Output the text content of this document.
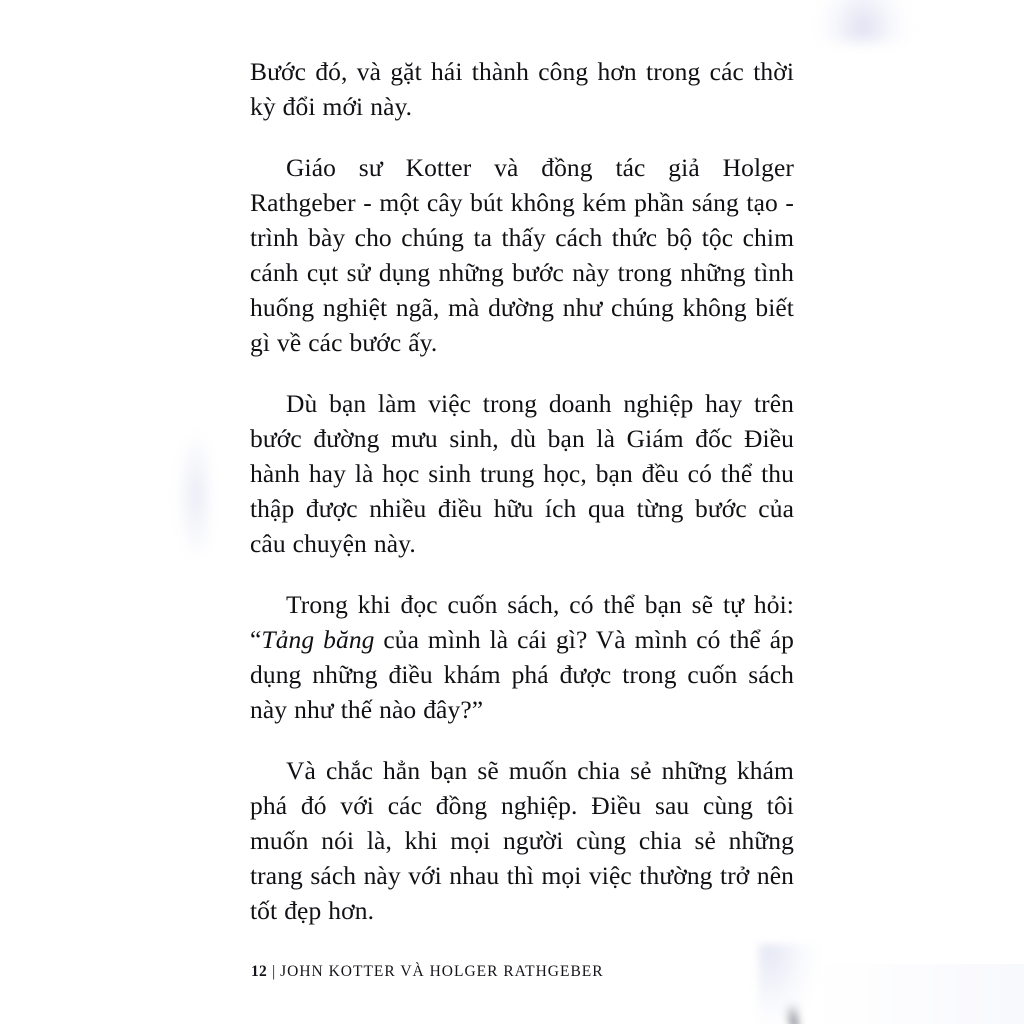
Bước đó, và gặt hái thành công hơn trong các thời kỳ đổi mới này.

Giáo sư Kotter và đồng tác giả Holger Rathgeber - một cây bút không kém phần sáng tạo - trình bày cho chúng ta thấy cách thức bộ tộc chim cánh cụt sử dụng những bước này trong những tình huống nghiệt ngã, mà dường như chúng không biết gì về các bước ấy.

Dù bạn làm việc trong doanh nghiệp hay trên bước đường mưu sinh, dù bạn là Giám đốc Điều hành hay là học sinh trung học, bạn đều có thể thu thập được nhiều điều hữu ích qua từng bước của câu chuyện này.

Trong khi đọc cuốn sách, có thể bạn sẽ tự hỏi: “Tảng băng của mình là cái gì? Và mình có thể áp dụng những điều khám phá được trong cuốn sách này như thế nào đây?”

Và chắc hẳn bạn sẽ muốn chia sẻ những khám phá đó với các đồng nghiệp. Điều sau cùng tôi muốn nói là, khi mọi người cùng chia sẻ những trang sách này với nhau thì mọi việc thường trở nên tốt đẹp hơn.

12 | JOHN KOTTER VÀ HOLGER RATHGEBER
